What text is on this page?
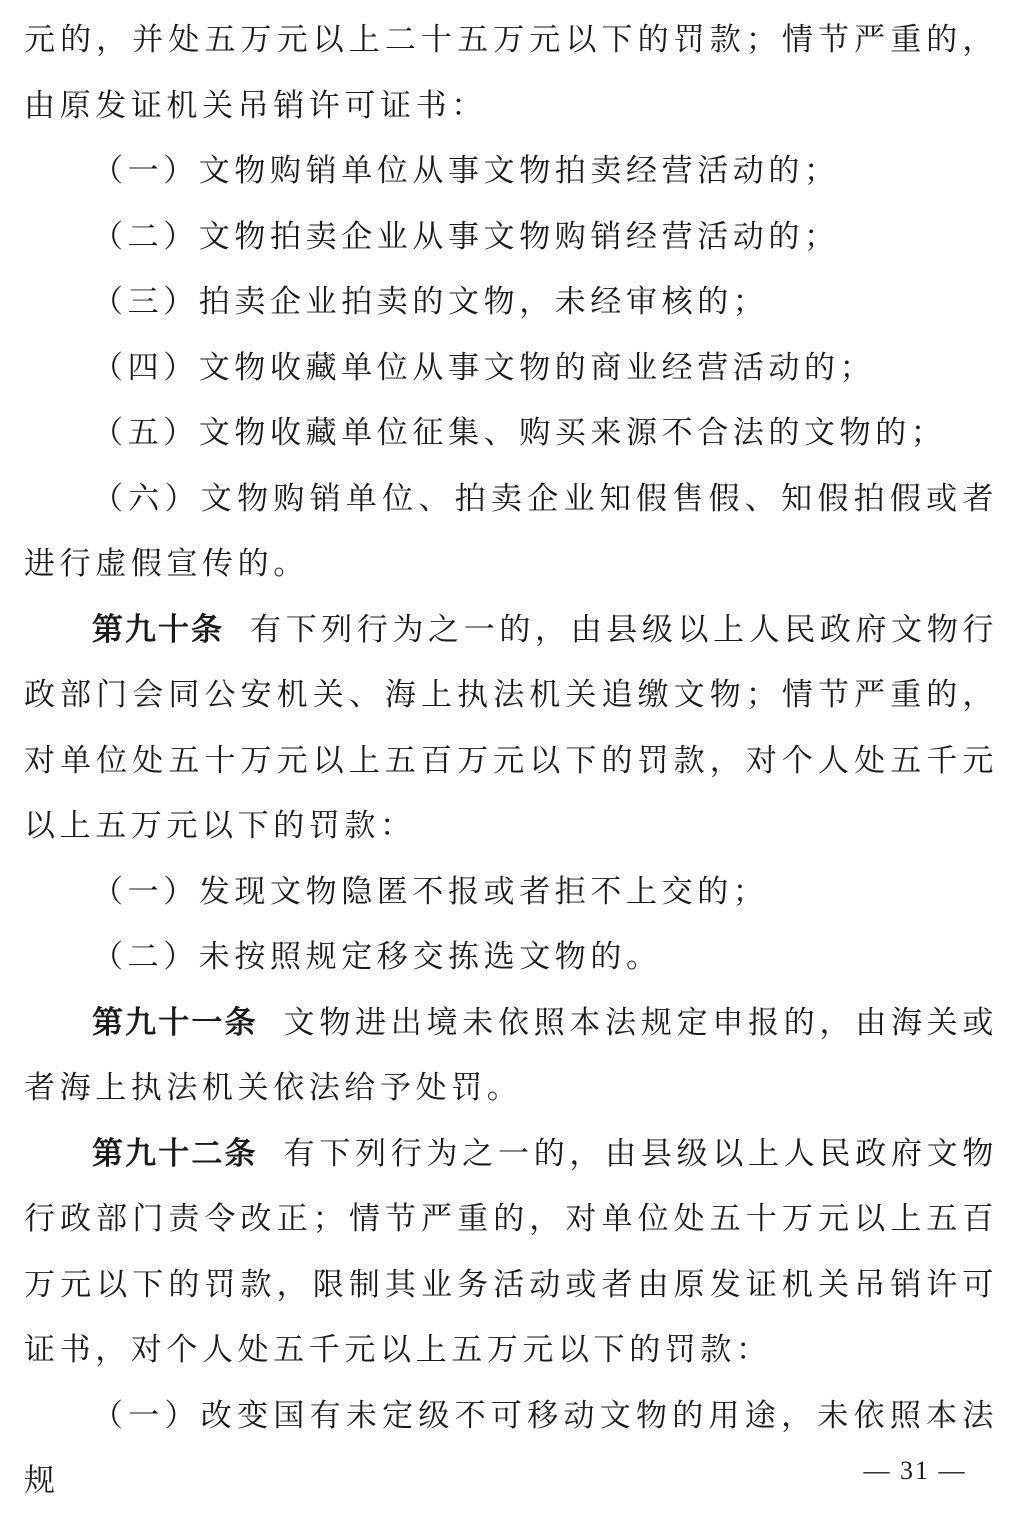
元的，并处五万元以上二十五万元以下的罚款；情节严重的，由原发证机关吊销许可证书：

（一）文物购销单位从事文物拍卖经营活动的；

（二）文物拍卖企业从事文物购销经营活动的；

（三）拍卖企业拍卖的文物，未经审核的；

（四）文物收藏单位从事文物的商业经营活动的；

（五）文物收藏单位征集、购买来源不合法的文物的；

（六）文物购销单位、拍卖企业知假售假、知假拍假或者进行虚假宣传的。

第九十条 有下列行为之一的，由县级以上人民政府文物行政部门会同公安机关、海上执法机关追缴文物；情节严重的，对单位处五十万元以上五百万元以下的罚款，对个人处五千元以上五万元以下的罚款：

（一）发现文物隐匿不报或者拒不上交的；

（二）未按照规定移交拣选文物的。

第九十一条 文物进出境未依照本法规定申报的，由海关或者海上执法机关依法给予处罚。

第九十二条 有下列行为之一的，由县级以上人民政府文物行政部门责令改正；情节严重的，对单位处五十万元以上五百万元以下的罚款，限制其业务活动或者由原发证机关吊销许可证书，对个人处五千元以上五万元以下的罚款：

（一）改变国有未定级不可移动文物的用途，未依照本法规	— 31 —
